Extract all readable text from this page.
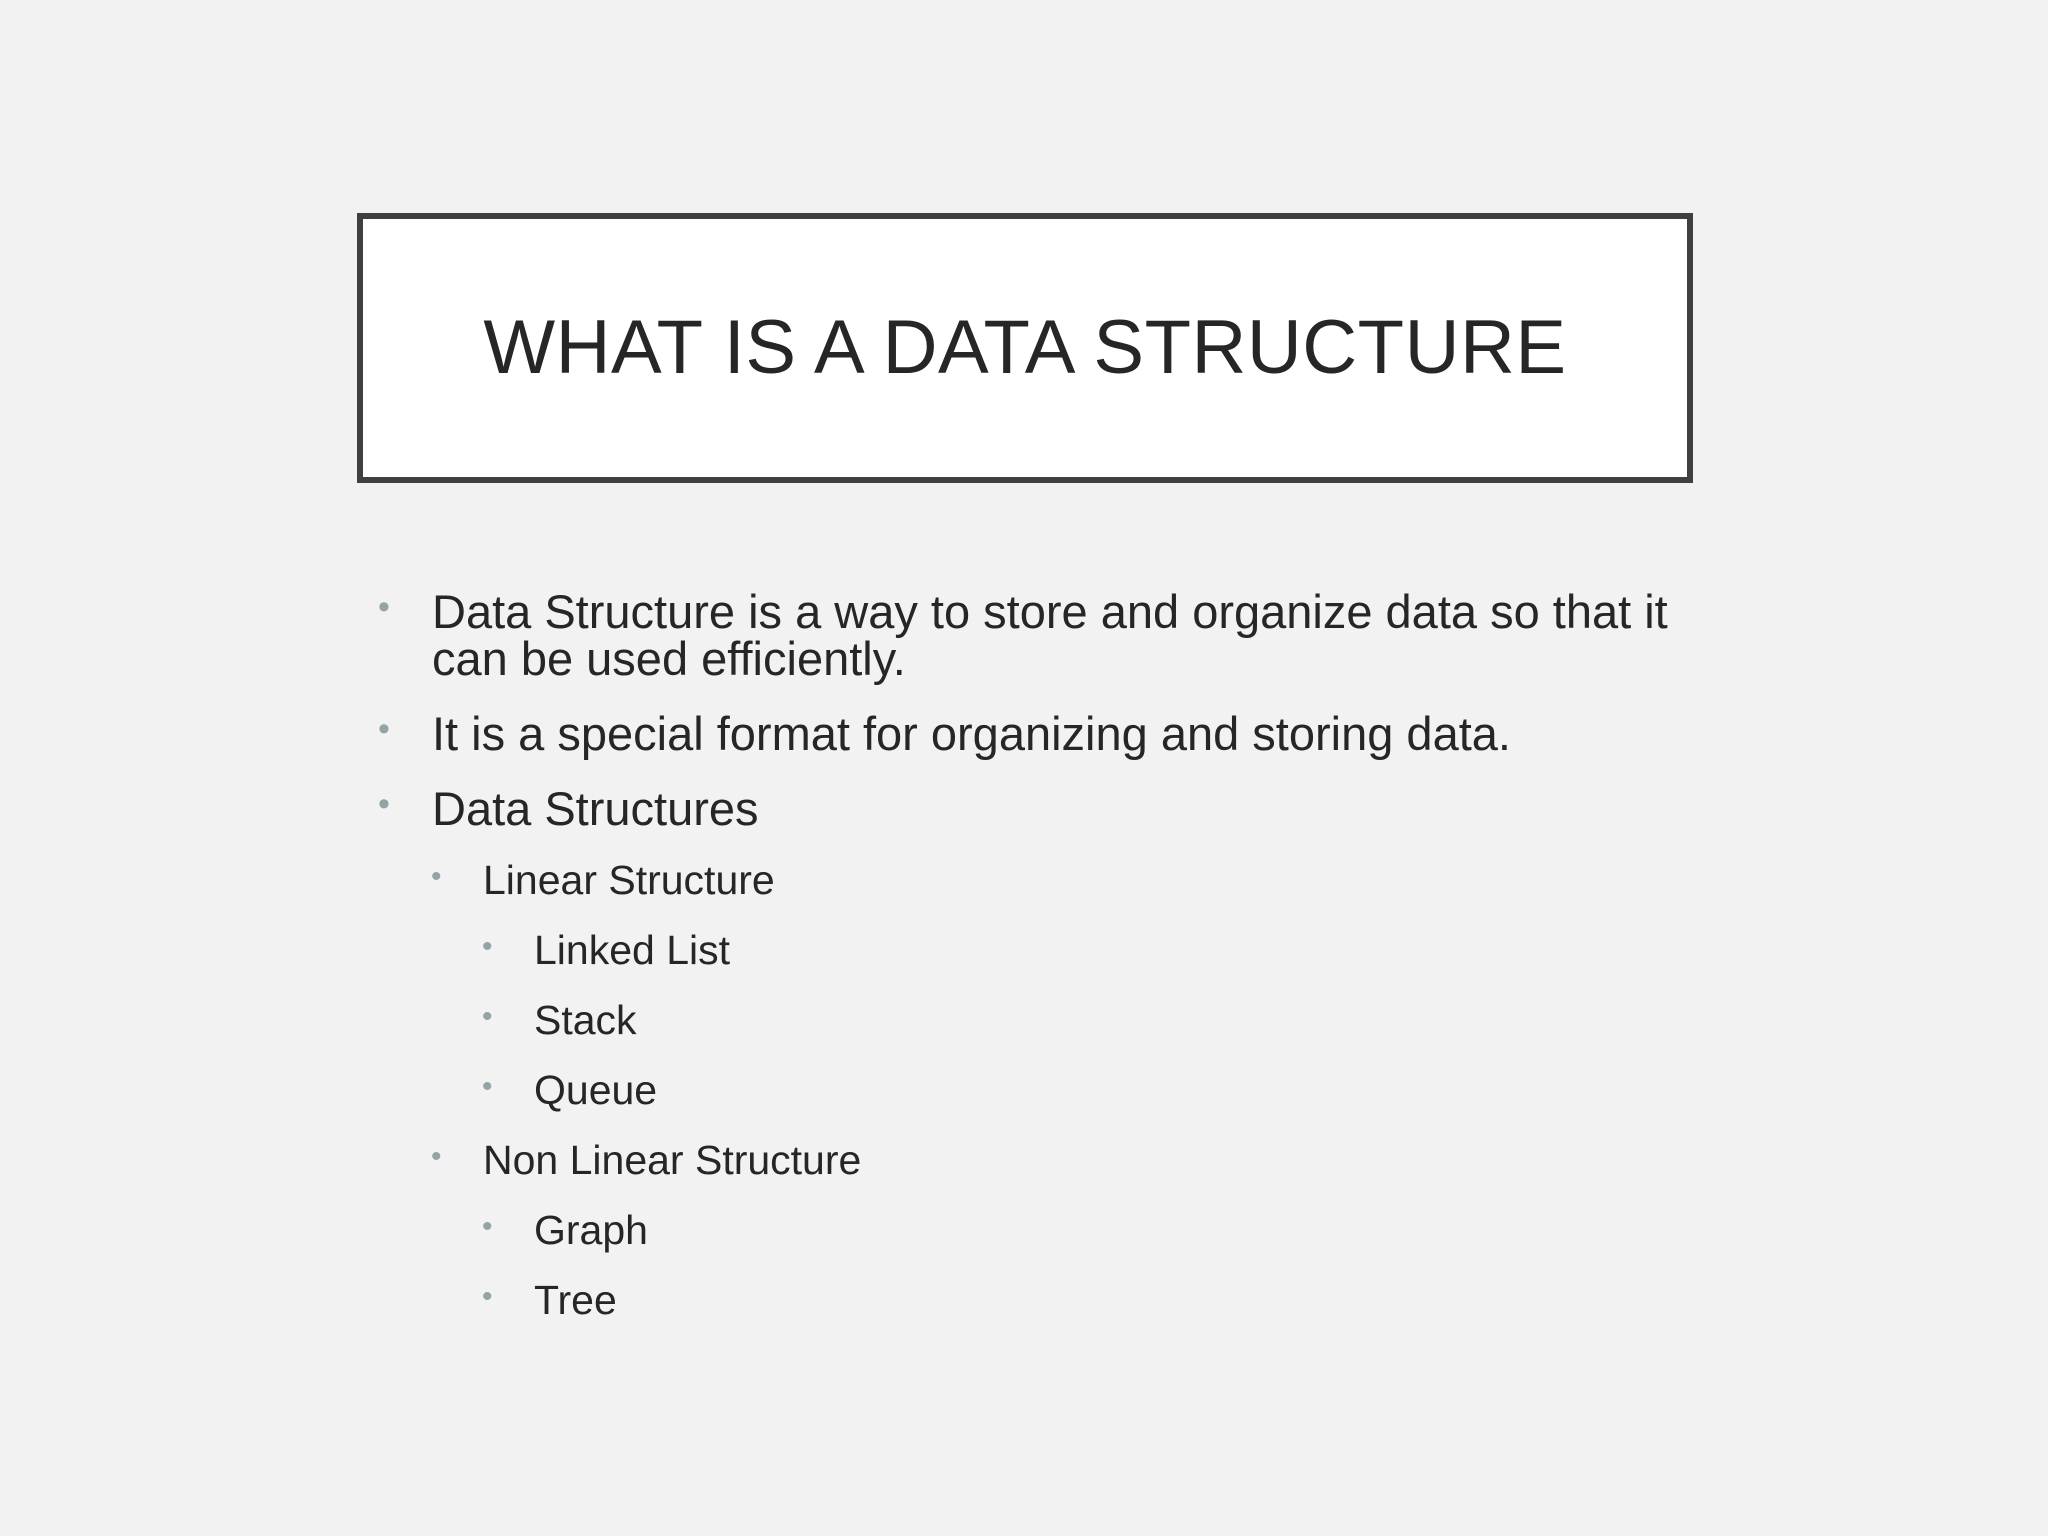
WHAT IS A DATA STRUCTURE
• Data Structure is a way to store and organize data so that it can be used efficiently.
• It is a special format for organizing and storing data.
• Data Structures
• Linear Structure
• Linked List
• Stack
• Queue
• Non Linear Structure
• Graph
• Tree
